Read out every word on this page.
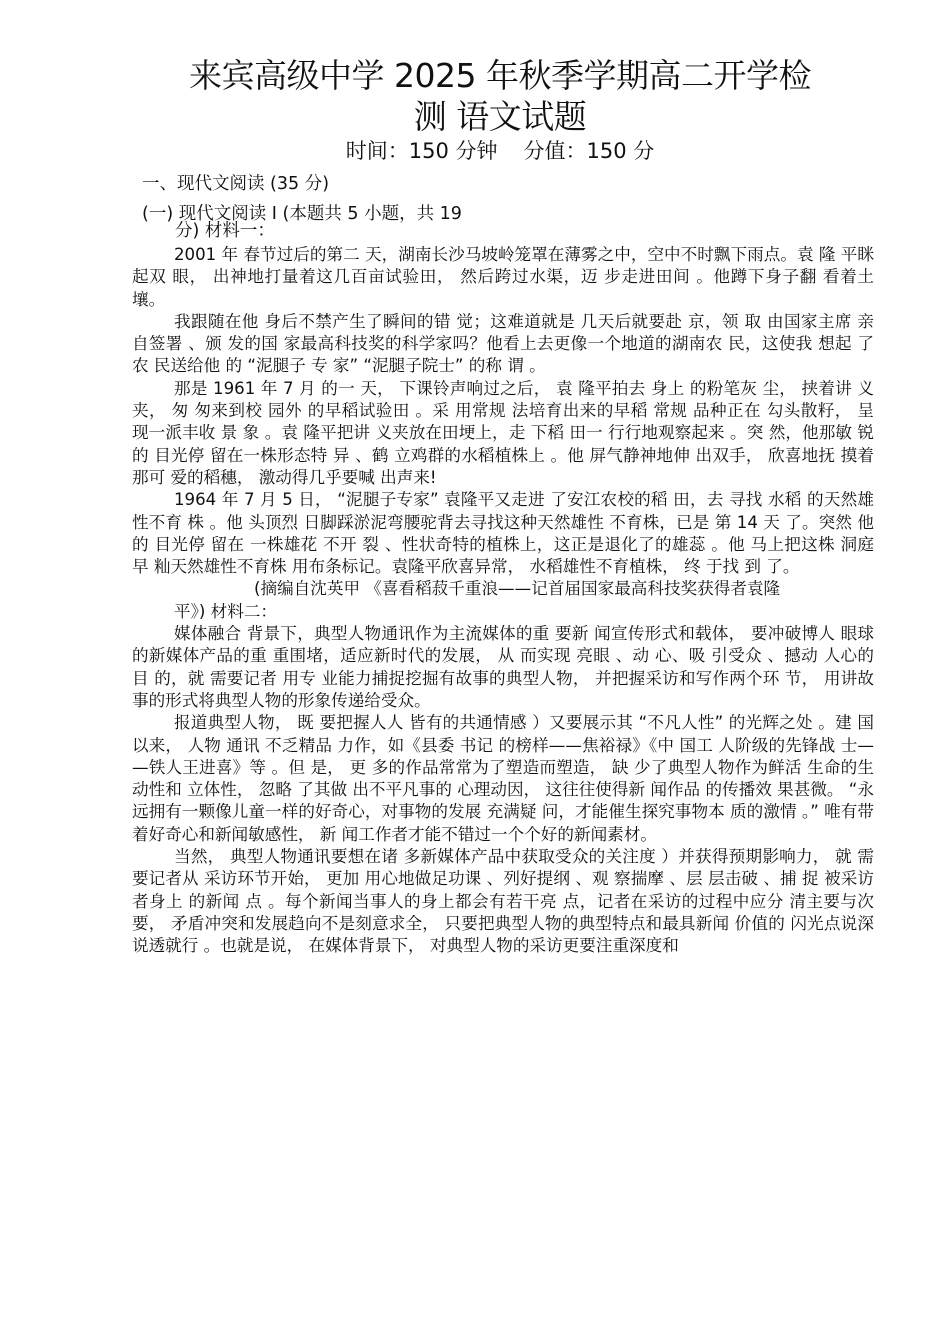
来宾高级中学 2025 年秋季学期高二开学检
测 语文试题
时间：150 分钟 分值：150 分
一、现代文阅读 (35 分)
(一) 现代文阅读 I (本题共 5 小题，共 19
分) 材料一：

2001 年 春节过后的第二 天，湖南长沙马坡岭笼罩在薄雾之中，空中不时飘下雨点。袁 隆 平眯起双 眼， 出神地打量着这几百亩试验田， 然后跨过水渠，迈 步走进田间 。他蹲下身子翻 看着土壤。

我跟随在他 身后不禁产生了瞬间的错 觉；这难道就是 几天后就要赴 京，领 取 由国家主席 亲自签署 、颁 发的国 家最高科技奖的科学家吗？他看上去更像一个地道的湖南农 民，这使我 想起 了农 民送给他 的 “泥腿子 专 家” “泥腿子院士” 的称 谓 。

那是 1961 年 7 月 的一 天， 下课铃声响过之后， 袁 隆平拍去 身上 的粉笔灰 尘， 挟着讲 义 夹， 匆 匆来到校 园外 的早稻试验田 。采 用常规 法培育出来的早稻 常规 品种正在 勾头散籽， 呈 现一派丰收 景 象 。袁 隆平把讲 义夹放在田埂上，走 下稻 田一 行行地观察起来 。突 然，他那敏 锐的 目光停 留在一株形态特 异 、鹤 立鸡群的水稻植株上 。他 屏气静神地伸 出双手， 欣喜地抚 摸着那可 爱的稻穗， 激动得几乎要喊 出声来!

1964 年 7 月 5 日， “泥腿子专家” 袁隆平又走进 了安江农校的稻 田，去 寻找 水稻 的天然雄 性不育 株 。他 头顶烈 日脚踩淤泥弯腰驼背去寻找这种天然雄性 不育株，已是 第 14 天 了。突然 他 的 目光停 留在 一株雄花 不开 裂 、性状奇特的植株上，这正是退化了的雄蕊 。他 马上把这株 洞庭早 籼天然雄性不育株 用布条标记。袁隆平欣喜异常， 水稻雄性不育植株， 终 于找 到 了。

(摘编自沈英甲 《喜看稻菽千重浪——记首届国家最高科技奖获得者袁隆

平》) 材料二：

媒体融合 背景下，典型人物通讯作为主流媒体的重 要新 闻宣传形式和载体， 要冲破博人 眼球 的新媒体产品的重 重围堵，适应新时代的发展， 从 而实现 亮眼 、动 心、吸 引受众 、撼动 人心的 目 的，就 需要记者 用专 业能力捕捉挖掘有故事的典型人物， 并把握采访和写作两个环 节， 用讲故事的形式将典型人物的形象传递给受众。

报道典型人物， 既 要把握人人 皆有的共通情感 ）又要展示其 “不凡人性” 的光辉之处 。建 国 以来， 人物 通讯 不乏精品 力作，如《县委 书记 的榜样——焦裕禄》《中 国工 人阶级的先锋战 士— —铁人王进喜》等 。但 是， 更 多的作品常常为了塑造而塑造， 缺 少了典型人物作为鲜活 生命的生动性和 立体性， 忽略 了其做 出不平凡事的 心理动因， 这往往使得新 闻作品 的传播效 果甚微。 “永远拥有一颗像儿童一样的好奇心，对事物的发展 充满疑 问，才能催生探究事物本 质的激情 。” 唯有带着好奇心和新闻敏感性， 新 闻工作者才能不错过一个个好的新闻素材。

当然， 典型人物通讯要想在诸 多新媒体产品中获取受众的关注度 ）并获得预期影响力， 就 需要记者从 采访环节开始， 更加 用心地做足功课 、列好提纲 、观 察揣摩 、层 层击破 、捕 捉 被采访者身上 的新闻 点 。每个新闻当事人的身上都会有若干亮 点，记者在采访的过程中应分 清主要与次要， 矛盾冲突和发展趋向不是刻意求全， 只要把典型人物的典型特点和最具新闻 价值的 闪光点说深说透就行 。也就是说， 在媒体背景下， 对典型人物的采访更要注重深度和
